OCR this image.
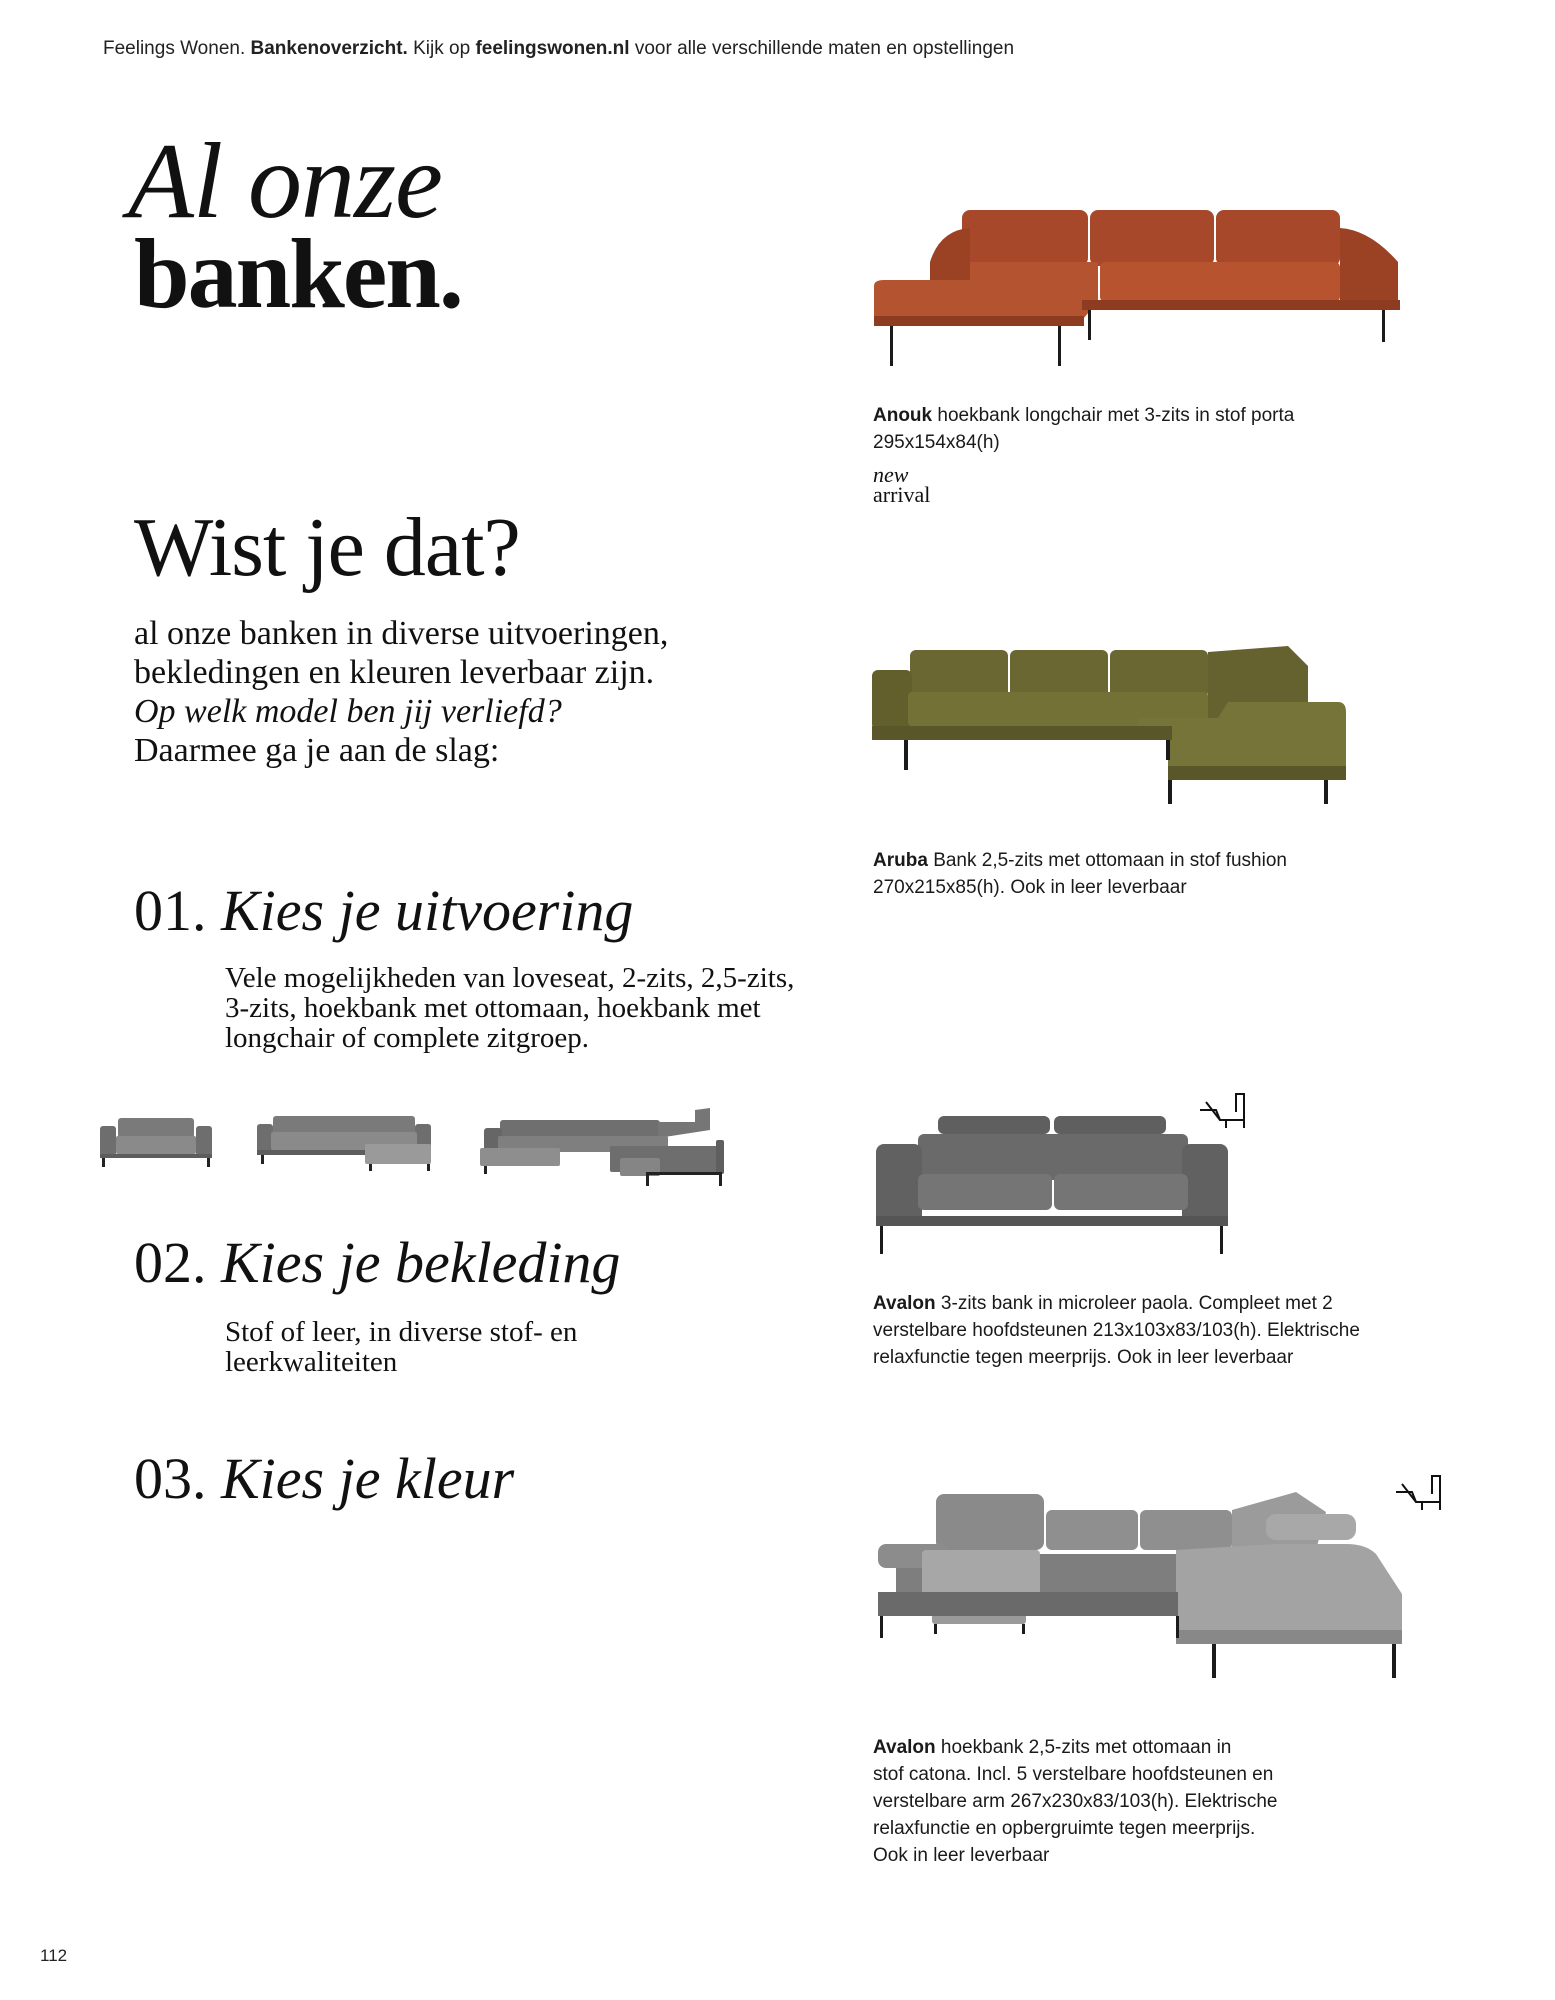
Feelings Wonen. Bankenoverzicht. Kijk op feelingswonen.nl voor alle verschillende maten en opstellingen
Al onze
banken.
Wist je dat?
al onze banken in diverse uitvoeringen,
bekledingen en kleuren leverbaar zijn.
Op welk model ben jij verliefd?
Daarmee ga je aan de slag:
01. Kies je uitvoering
Vele mogelijkheden van loveseat, 2-zits, 2,5-zits,
3-zits, hoekbank met ottomaan, hoekbank met
longchair of complete zitgroep.
02. Kies je bekleding
Stof of leer, in diverse stof- en
leerkwaliteiten
03. Kies je kleur
Anouk hoekbank longchair met 3-zits in stof porta
295x154x84(h)
new
arrival
Aruba Bank 2,5-zits met ottomaan in stof fushion
270x215x85(h). Ook in leer leverbaar
Avalon 3-zits bank in microleer paola. Compleet met 2
verstelbare hoofdsteunen 213x103x83/103(h). Elektrische
relaxfunctie tegen meerprijs. Ook in leer leverbaar
Avalon hoekbank 2,5-zits met ottomaan in
stof catona. Incl. 5 verstelbare hoofdsteunen en
verstelbare arm 267x230x83/103(h). Elektrische
relaxfunctie en opbergruimte tegen meerprijs.
Ook in leer leverbaar
112
